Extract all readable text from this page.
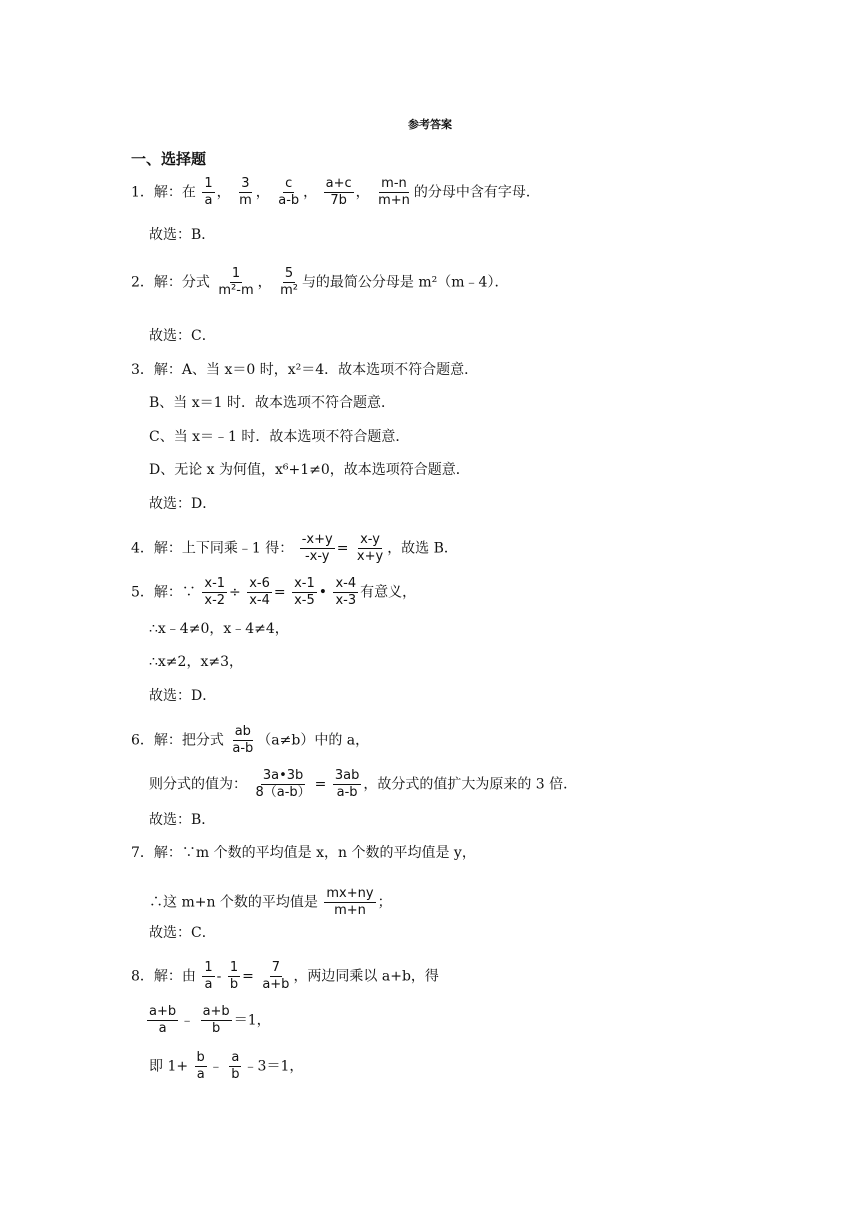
参考答案
一、选择题
1．解：在 $\frac{1}{a}$ ， $\frac{3}{m}$ ， $\frac{c}{a-b}$ ， $\frac{a+c}{7b}$ ， $\frac{m-n}{m+n}$ 的分母中含有字母．
故选：B．
2．解：分式 $\frac{1}{\text{m²-m}}$ ， $\frac{5}{\text{m²}}$ 与的最简公分母是 m²（m﹣4）．
故选：C．
3．解：A、当 x＝0 时，x²＝4．故本选项不符合题意．
B、当 x＝1 时．故本选项不符合题意．
C、当 x＝﹣1 时．故本选项不符合题意．
D、无论 x 为何值，x⁶+1≠0，故本选项符合题意．
故选：D．
4．解：上下同乘﹣1 得： $\frac{-x+y}{-x-y} = \frac{x-y}{x+y}$ ，故选 B．
5．解：∵ $\frac{x-1}{x-2} \div \frac{x-6}{x-4} = \frac{x-1}{x-5}$ • $\frac{x-4}{x-3}$ 有意义，
∴x﹣4≠0，x﹣4≠4，
∴x≠2，x≠3，
故选：D．
6．解：把分式 $\frac{ab}{a-b} (a\ne b)$中的 a，
则分式的值为： $\frac{3a•3b}{8(a-b)} = \frac{3ab}{a-b}$ ，故分式的值扩大为原来的 3 倍．
故选：B．
7．解：∵m 个数的平均值是 x，n 个数的平均值是 y，
∴这 m+n 个数的平均值是 $\frac{mx+ny}{m+n}$ ；
故选：C．
8．解：由 $\frac{1}{a} - \frac{1}{b} = \frac{7}{a+b}$ ，两边同乘以 a+b，得
$\frac{a+b}{a}$ ﹣ $\frac{a+b}{b} =1$，
即 $1+ \frac{b}{a}$ ﹣ $\frac{a}{b}$ ﹣3＝1，
